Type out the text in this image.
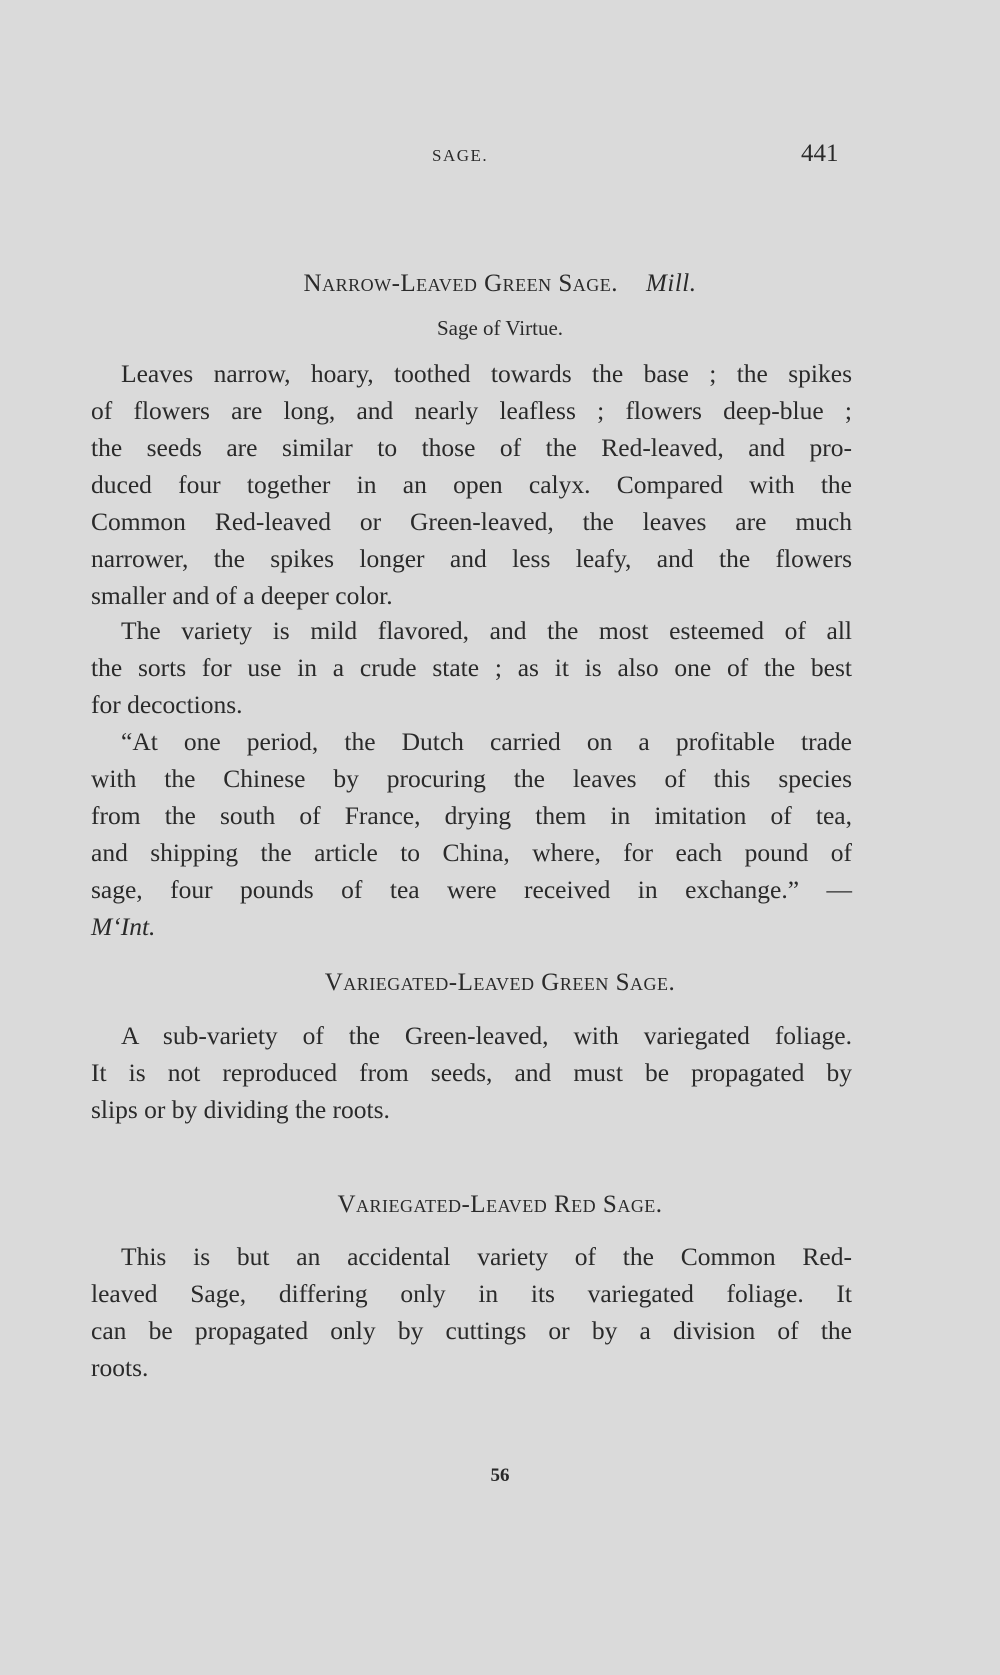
SAGE.	441
Narrow-Leaved Green Sage. Mill.
Sage of Virtue.
Leaves narrow, hoary, toothed towards the base ; the spikes
of flowers are long, and nearly leafless ; flowers deep-blue ;
the seeds are similar to those of the Red-leaved, and pro-
duced four together in an open calyx. Compared with the
Common Red-leaved or Green-leaved, the leaves are much
narrower, the spikes longer and less leafy, and the flowers
smaller and of a deeper color.
The variety is mild flavored, and the most esteemed of all
the sorts for use in a crude state ; as it is also one of the best
for decoctions.
“At one period, the Dutch carried on a profitable trade
with the Chinese by procuring the leaves of this species
from the south of France, drying them in imitation of tea,
and shipping the article to China, where, for each pound of
sage, four pounds of tea were received in exchange.” —
M‘Int.
Variegated-Leaved Green Sage.
A sub-variety of the Green-leaved, with variegated foliage.
It is not reproduced from seeds, and must be propagated by
slips or by dividing the roots.
Variegated-Leaved Red Sage.
This is but an accidental variety of the Common Red-
leaved Sage, differing only in its variegated foliage. It
can be propagated only by cuttings or by a division of the
roots.
56
